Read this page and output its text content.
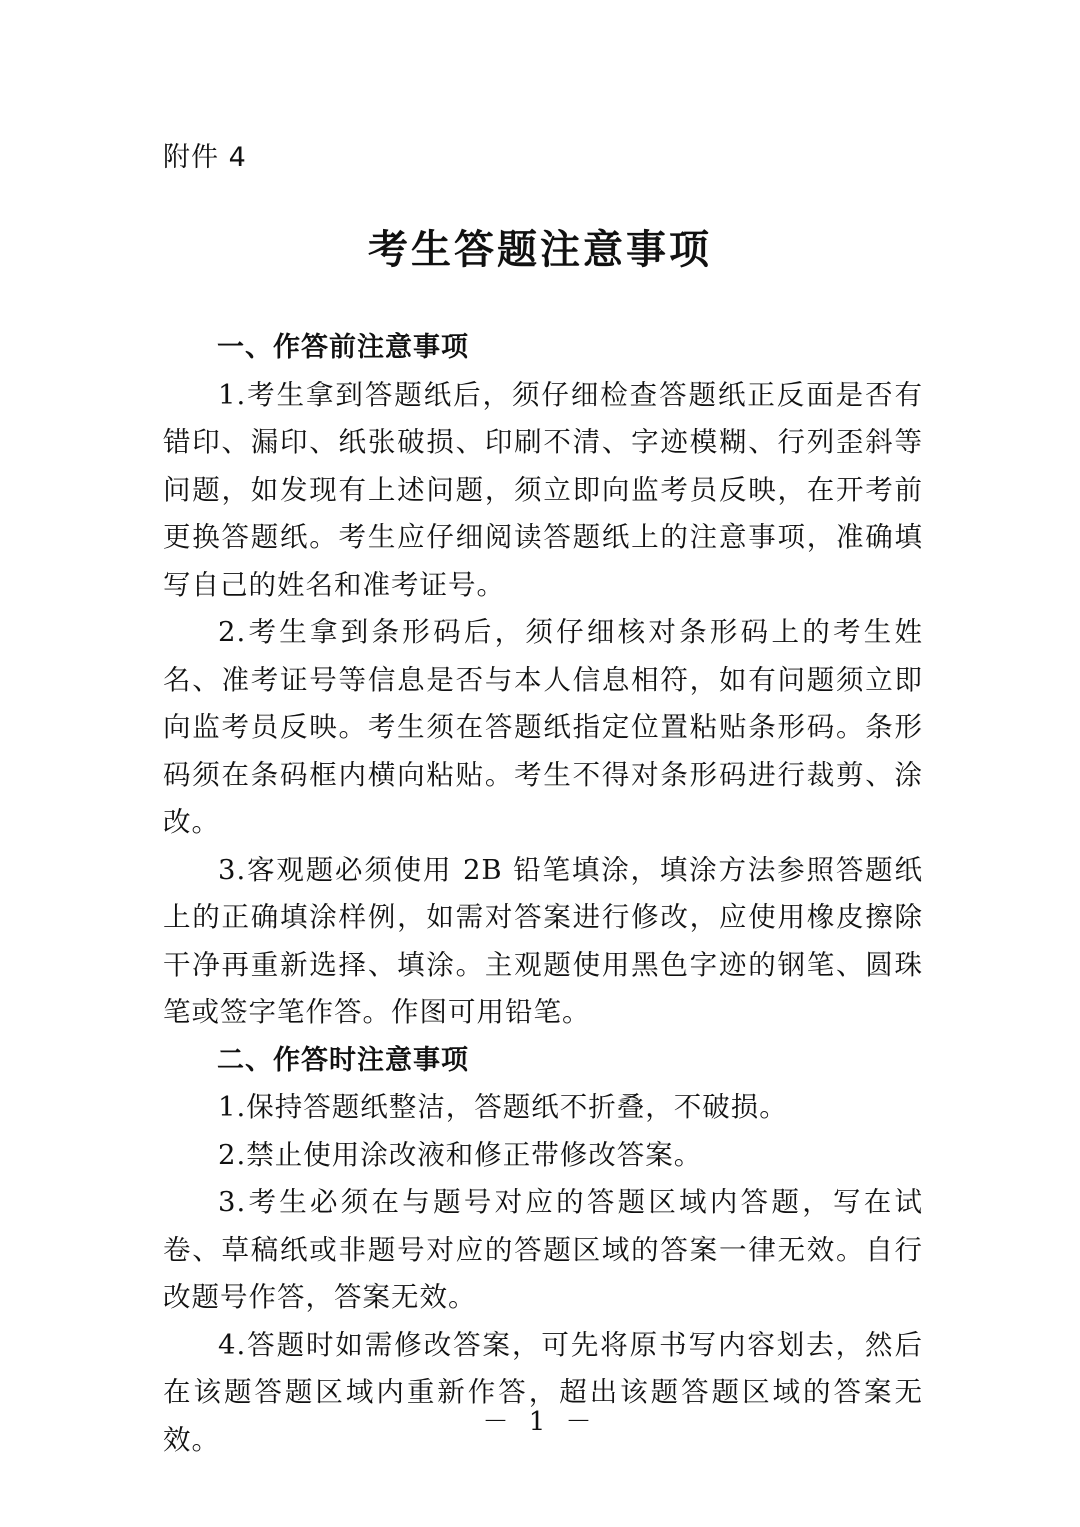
附件 4
考生答题注意事项
一、作答前注意事项

1.考生拿到答题纸后，须仔细检查答题纸正反面是否有错印、漏印、纸张破损、印刷不清、字迹模糊、行列歪斜等问题，如发现有上述问题，须立即向监考员反映，在开考前更换答题纸。考生应仔细阅读答题纸上的注意事项，准确填写自己的姓名和准考证号。

2.考生拿到条形码后，须仔细核对条形码上的考生姓名、准考证号等信息是否与本人信息相符，如有问题须立即向监考员反映。考生须在答题纸指定位置粘贴条形码。条形码须在条码框内横向粘贴。考生不得对条形码进行裁剪、涂改。

3.客观题必须使用 2B 铅笔填涂，填涂方法参照答题纸上的正确填涂样例，如需对答案进行修改，应使用橡皮擦除干净再重新选择、填涂。主观题使用黑色字迹的钢笔、圆珠笔或签字笔作答。作图可用铅笔。

二、作答时注意事项

1.保持答题纸整洁，答题纸不折叠，不破损。

2.禁止使用涂改液和修正带修改答案。

3.考生必须在与题号对应的答题区域内答题，写在试卷、草稿纸或非题号对应的答题区域的答案一律无效。自行改题号作答，答案无效。

4.答题时如需修改答案，可先将原书写内容划去，然后在该题答题区域内重新作答，超出该题答题区域的答案无效。

－ 1 －
